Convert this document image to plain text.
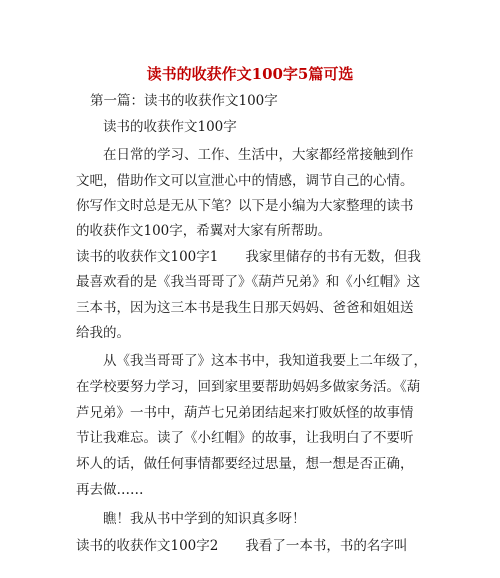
读书的收获作文100字5篇可选
第一篇：读书的收获作文100字
读书的收获作文100字
在日常的学习、工作、生活中，大家都经常接触到作
文吧，借助作文可以宣泄心中的情感，调节自己的心情。
你写作文时总是无从下笔？以下是小编为大家整理的读书
的收获作文100字，希翼对大家有所帮助。
读书的收获作文100字1　　我家里储存的书有无数，但我
最喜欢看的是《我当哥哥了》《葫芦兄弟》和《小红帽》这
三本书，因为这三本书是我生日那天妈妈、爸爸和姐姐送
给我的。
从《我当哥哥了》这本书中，我知道我要上二年级了，
在学校要努力学习，回到家里要帮助妈妈多做家务活。《葫
芦兄弟》一书中，葫芦七兄弟团结起来打败妖怪的故事情
节让我难忘。读了《小红帽》的故事，让我明白了不要听
坏人的话，做任何事情都要经过思量，想一想是否正确，
再去做……
瞧！我从书中学到的知识真多呀！
读书的收获作文100字2　　我看了一本书，书的名字叫
